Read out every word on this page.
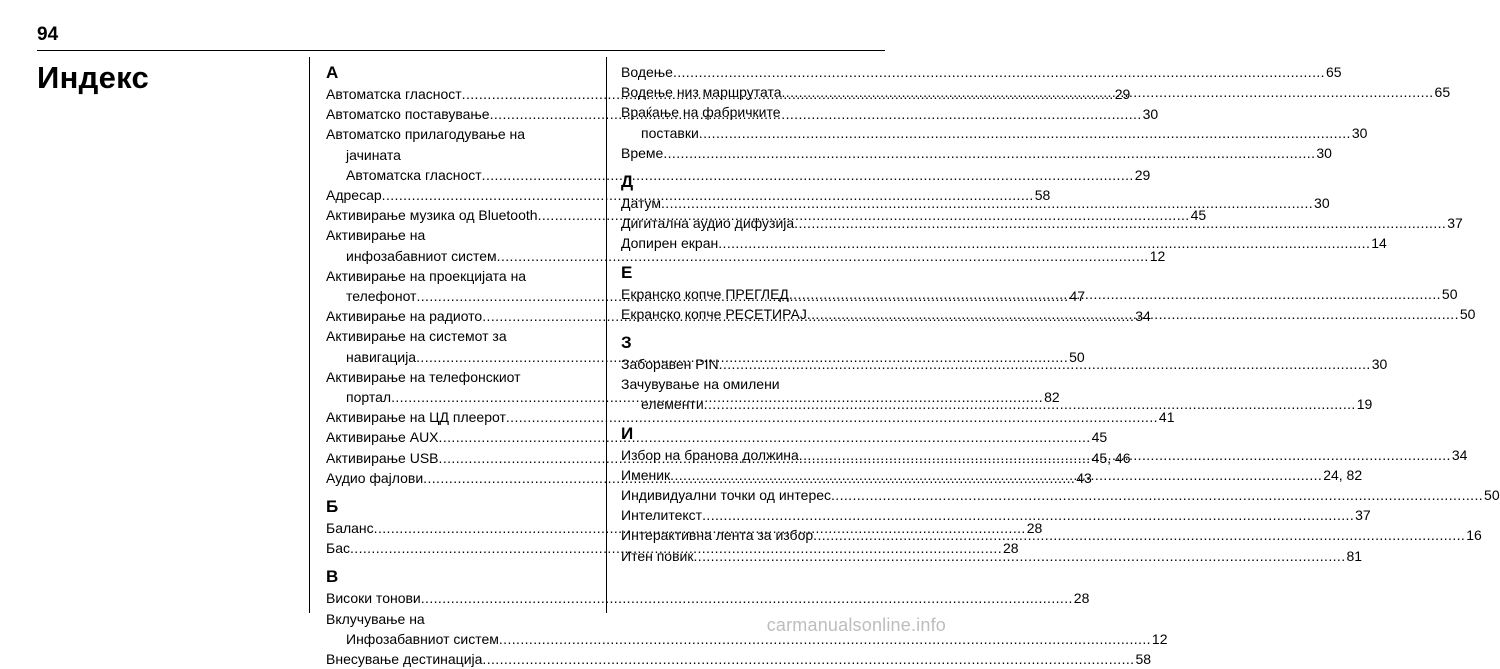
94
Индекс	А
Автоматска гласност .....	29
Автоматско поставување .....	30
Автоматско прилагодување на
јачината
Автоматска гласност .....	29
Адресар .....	58
Активирање музика од Bluetooth .....	45
Активирање на
инфозабавниот систем .....	12
Активирање на проекцијата на
телефонот .....	47
Активирање на радиото .....	34
Активирање на системот за
навигација .....	50
Активирање на телефонскиот
портал .....	82
Активирање на ЦД плеерот .....	41
Активирање AUX .....	45
Активирање USB .....	45, 46
Аудио фајлови .....	43
Б
Баланс .....	28
Бас .....	28
В
Високи тонови .....	28
Вклучување на
Инфозабавниот систем .....	12
Внесување дестинација .....	58
Водење .....	65
Водење низ маршрутата .....	65
Враќање на фабричките
поставки .....	30
Време .....	30
Д
Датум .....	30
Дигитална аудио дифузија .....	37
Допирен екран .....	14
Е
Екранско копче ПРЕГЛЕД .....	50
Екранско копче РЕСЕТИРАЈ .....	50
З
Заборавен PIN .....	30
Зачувување на омилени
елементи .....	19
И
Избор на бранова должина .....	34
Именик .....	24, 82
Индивидуални точки од интерес .....	50
Интелитекст .....	37
Интерактивна лента за избор .....	16
Итен повик .....	81
carmanualsonline.info
